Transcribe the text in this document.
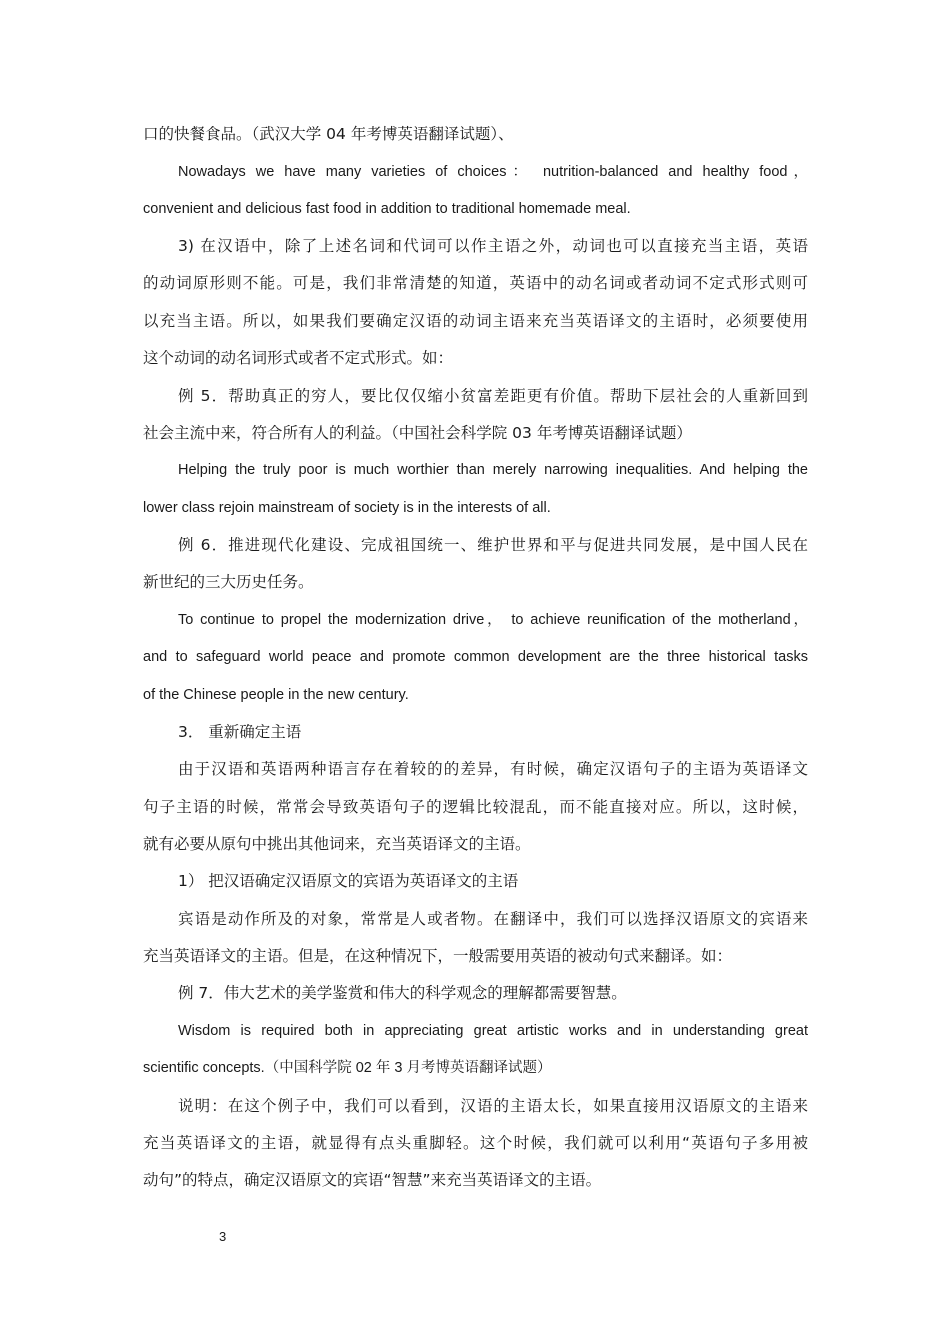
口的快餐食品。（武汉大学 04 年考博英语翻译试题）、
Nowadays we have many varieties of choices： nutrition-balanced and healthy food，
convenient and delicious fast food in addition to traditional homemade meal.
3) 在汉语中，除了上述名词和代词可以作主语之外，动词也可以直接充当主语，英语
的动词原形则不能。可是，我们非常清楚的知道，英语中的动名词或者动词不定式形式则可
以充当主语。所以，如果我们要确定汉语的动词主语来充当英语译文的主语时，必须要使用
这个动词的动名词形式或者不定式形式。如：
例 5．帮助真正的穷人，要比仅仅缩小贫富差距更有价值。帮助下层社会的人重新回到
社会主流中来，符合所有人的利益。（中国社会科学院 03 年考博英语翻译试题）
Helping the truly poor is much worthier than merely narrowing inequalities. And helping the
lower class rejoin mainstream of society is in the interests of all.
例 6．推进现代化建设、完成祖国统一、维护世界和平与促进共同发展，是中国人民在
新世纪的三大历史任务。
To continue to propel the modernization drive， to achieve reunification of the motherland，
and to safeguard world peace and promote common development are the three historical tasks
of the Chinese people in the new century.
3． 重新确定主语
由于汉语和英语两种语言存在着较的的差异，有时候，确定汉语句子的主语为英语译文
句子主语的时候，常常会导致英语句子的逻辑比较混乱，而不能直接对应。所以，这时候，
就有必要从原句中挑出其他词来，充当英语译文的主语。
1） 把汉语确定汉语原文的宾语为英语译文的主语
宾语是动作所及的对象，常常是人或者物。在翻译中，我们可以选择汉语原文的宾语来
充当英语译文的主语。但是，在这种情况下，一般需要用英语的被动句式来翻译。如：
例 7．伟大艺术的美学鉴赏和伟大的科学观念的理解都需要智慧。
Wisdom is required both in appreciating great artistic works and in understanding great
scientific concepts.（中国科学院 02 年 3 月考博英语翻译试题）
说明：在这个例子中，我们可以看到，汉语的主语太长，如果直接用汉语原文的主语来
充当英语译文的主语，就显得有点头重脚轻。这个时候，我们就可以利用“英语句子多用被
动句”的特点，确定汉语原文的宾语“智慧”来充当英语译文的主语。
3
